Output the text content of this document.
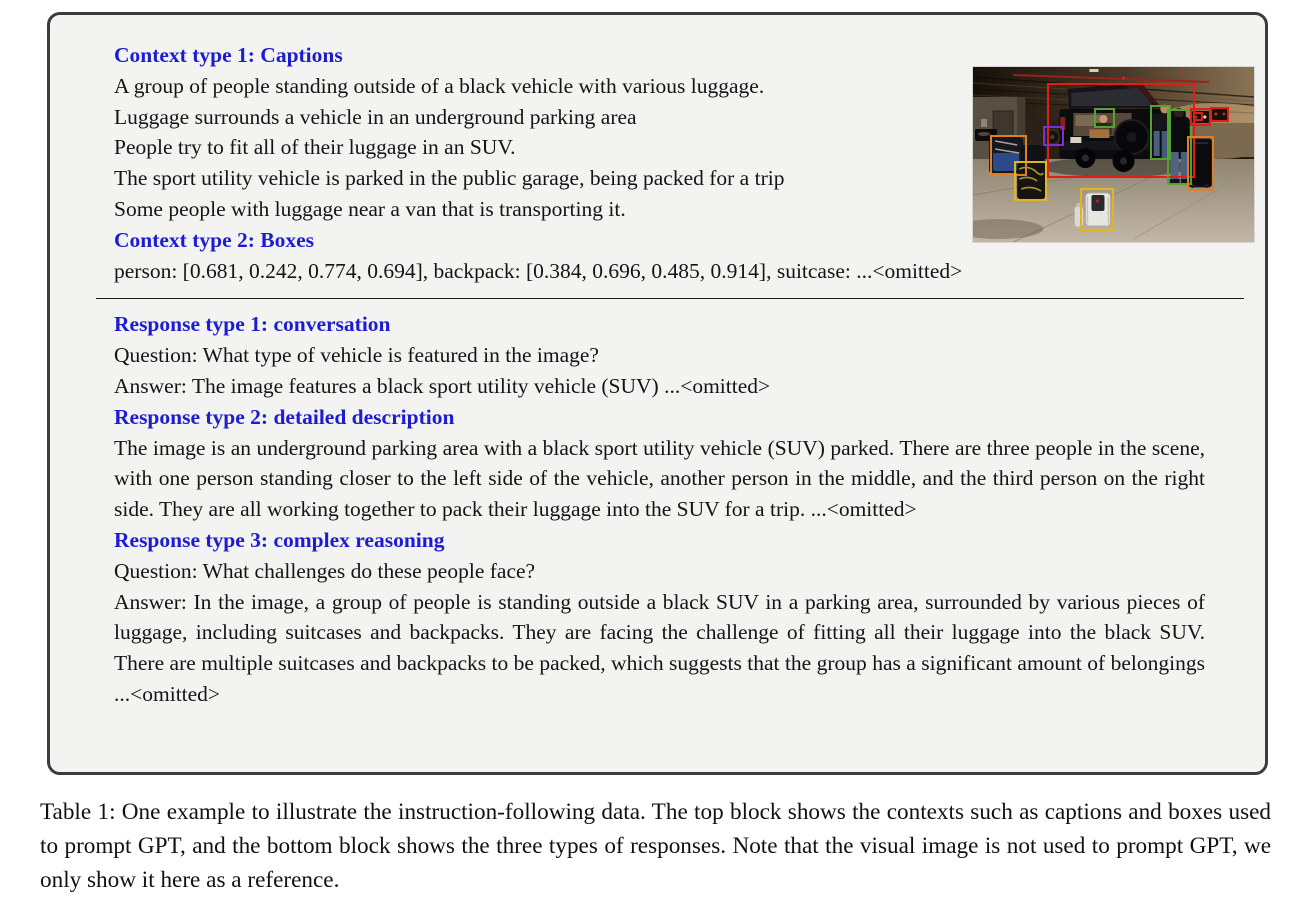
Context type 1: Captions
A group of people standing outside of a black vehicle with various luggage.
Luggage surrounds a vehicle in an underground parking area
People try to fit all of their luggage in an SUV.
The sport utility vehicle is parked in the public garage, being packed for a trip
Some people with luggage near a van that is transporting it.
Context type 2: Boxes
person: [0.681, 0.242, 0.774, 0.694], backpack: [0.384, 0.696, 0.485, 0.914], suitcase: ...<omitted>
Response type 1: conversation
Question: What type of vehicle is featured in the image?
Answer: The image features a black sport utility vehicle (SUV) ...<omitted>
Response type 2: detailed description

The image is an underground parking area with a black sport utility vehicle (SUV) parked. There are three people in the scene, with one person standing closer to the left side of the vehicle, another person in the middle, and the third person on the right side. They are all working together to pack their luggage into the SUV for a trip. ...<omitted>

Response type 3: complex reasoning
Question: What challenges do these people face?

Answer: In the image, a group of people is standing outside a black SUV in a parking area, surrounded by various pieces of luggage, including suitcases and backpacks. They are facing the challenge of fitting all their luggage into the black SUV. There are multiple suitcases and backpacks to be packed, which suggests that the group has a significant amount of belongings ...<omitted>

Table 1: One example to illustrate the instruction-following data. The top block shows the contexts such as captions and boxes used to prompt GPT, and the bottom block shows the three types of responses. Note that the visual image is not used to prompt GPT, we only show it here as a reference.
